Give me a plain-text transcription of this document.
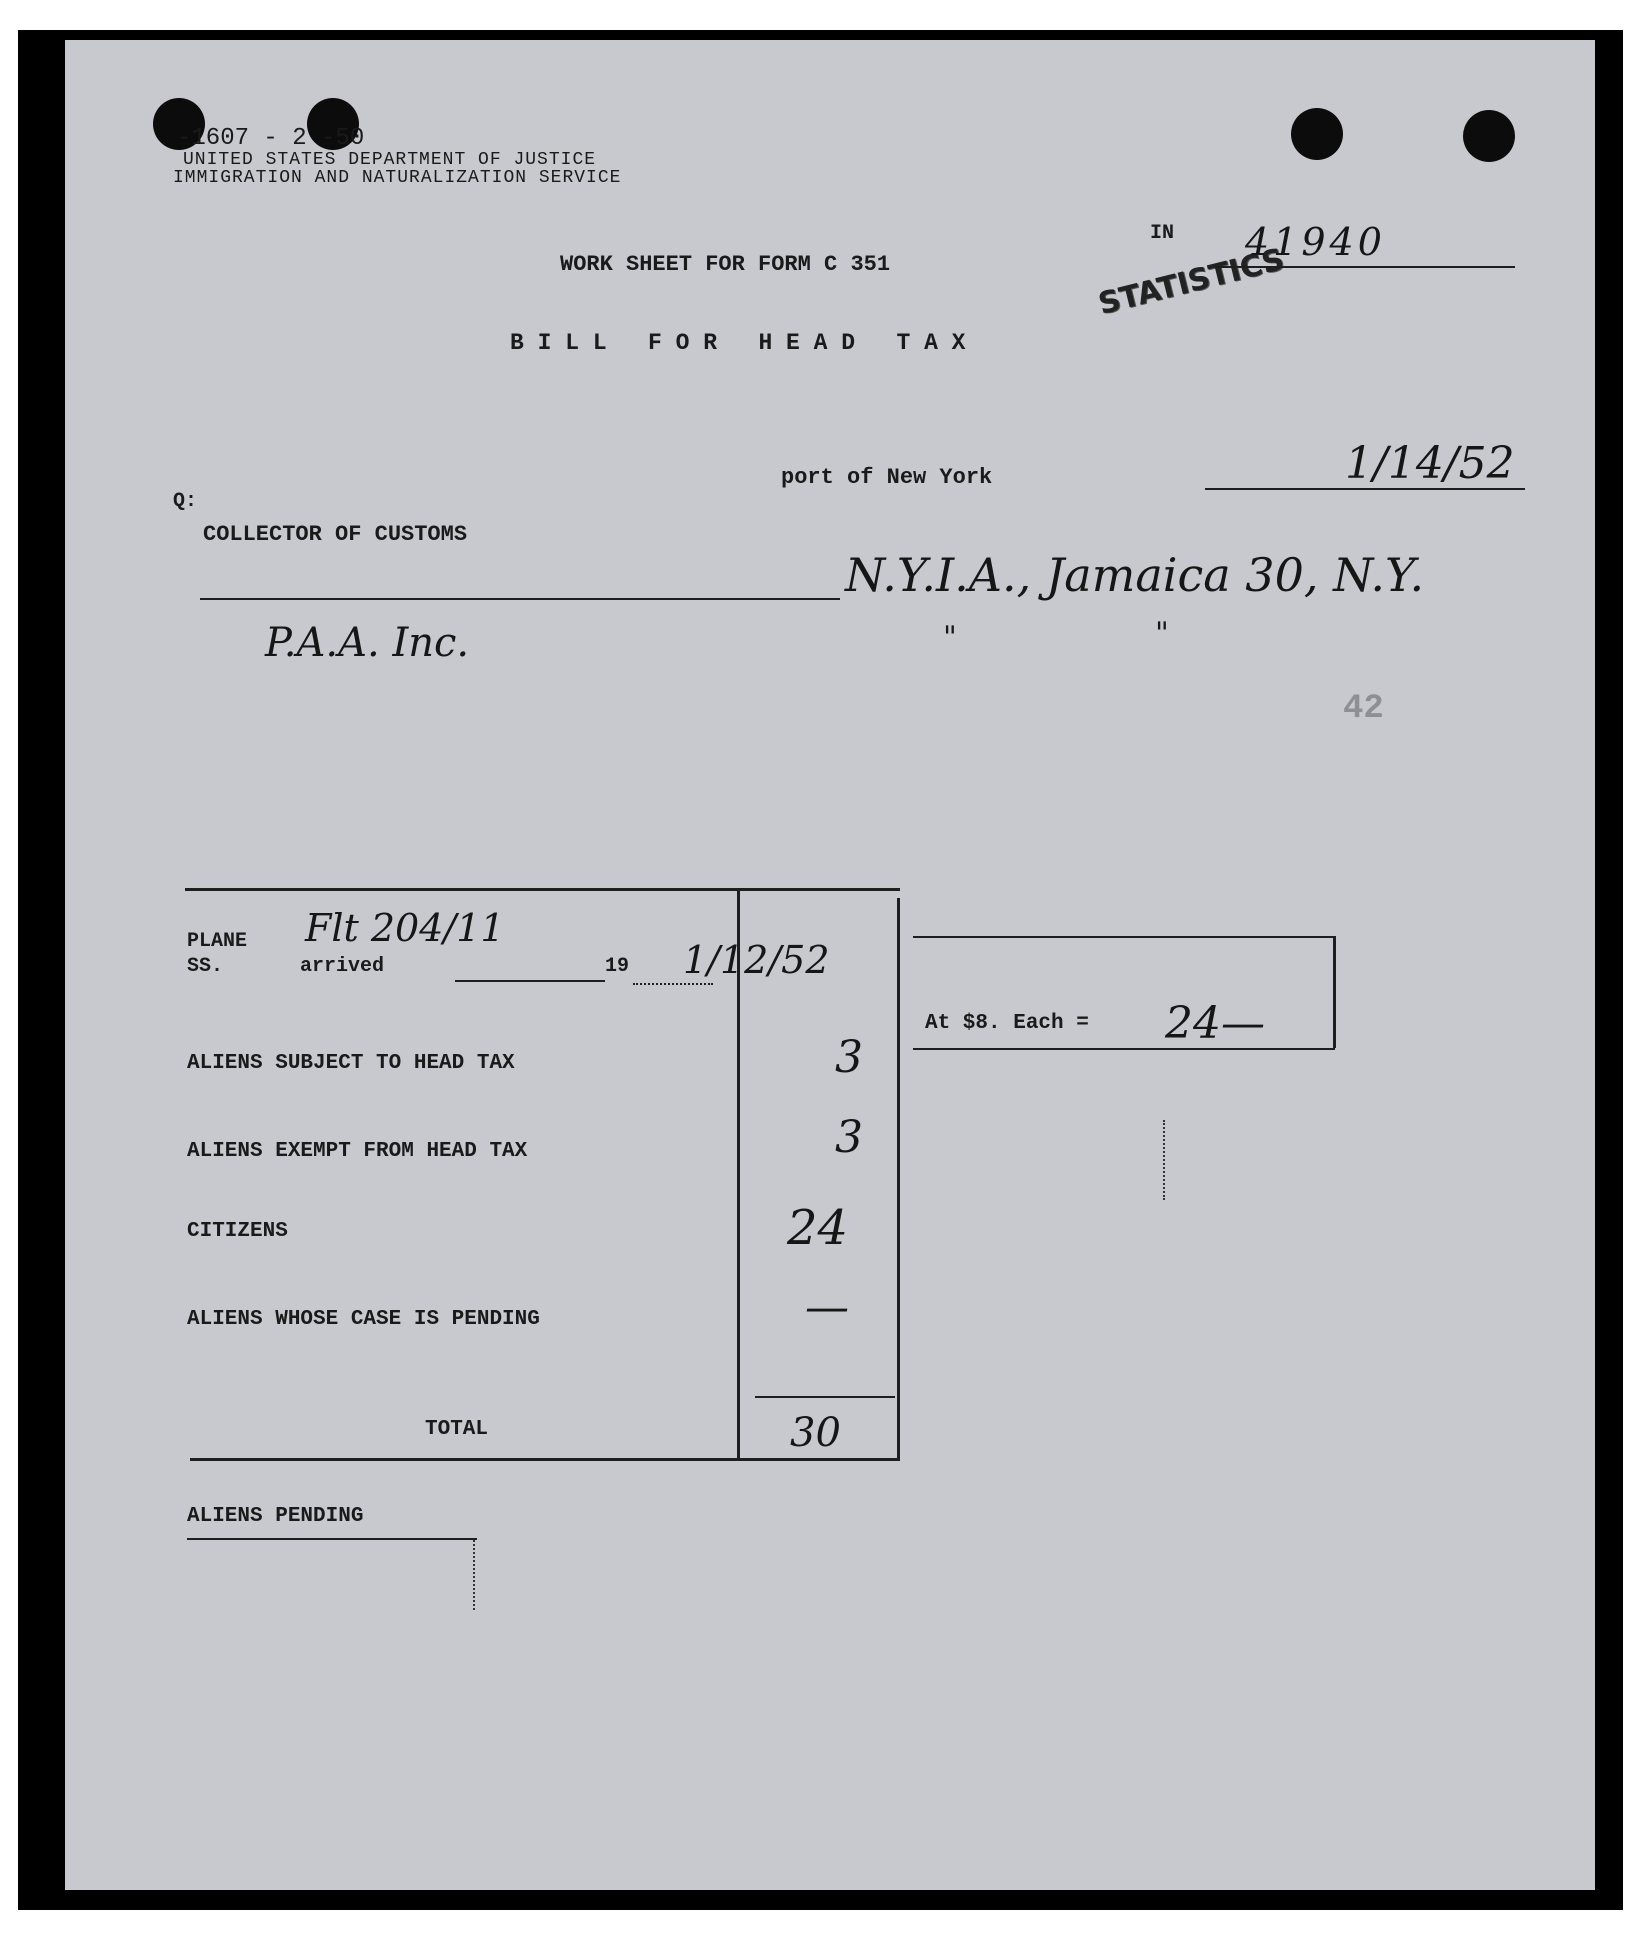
-1607 - 2 -50
UNITED STATES DEPARTMENT OF JUSTICE
IMMIGRATION AND NATURALIZATION SERVICE
WORK SHEET FOR FORM C 351
B I L L   F O R   H E A D   T A X
IN
STATISTICS
41940
port of New York	1/14/52
Q:
COLLECTOR OF CUSTOMS
N.Y.I.A., Jamaica 30, N.Y.
P.A.A. Inc.	"	"
42
PLANE
SS.	arrived	19
Flt 204/11
1/12/52
ALIENS SUBJECT TO HEAD TAX	3
ALIENS EXEMPT FROM HEAD TAX	3
CITIZENS	24
ALIENS WHOSE CASE IS PENDING	—
TOTAL	30
At $8. Each = 24—
ALIENS PENDING
